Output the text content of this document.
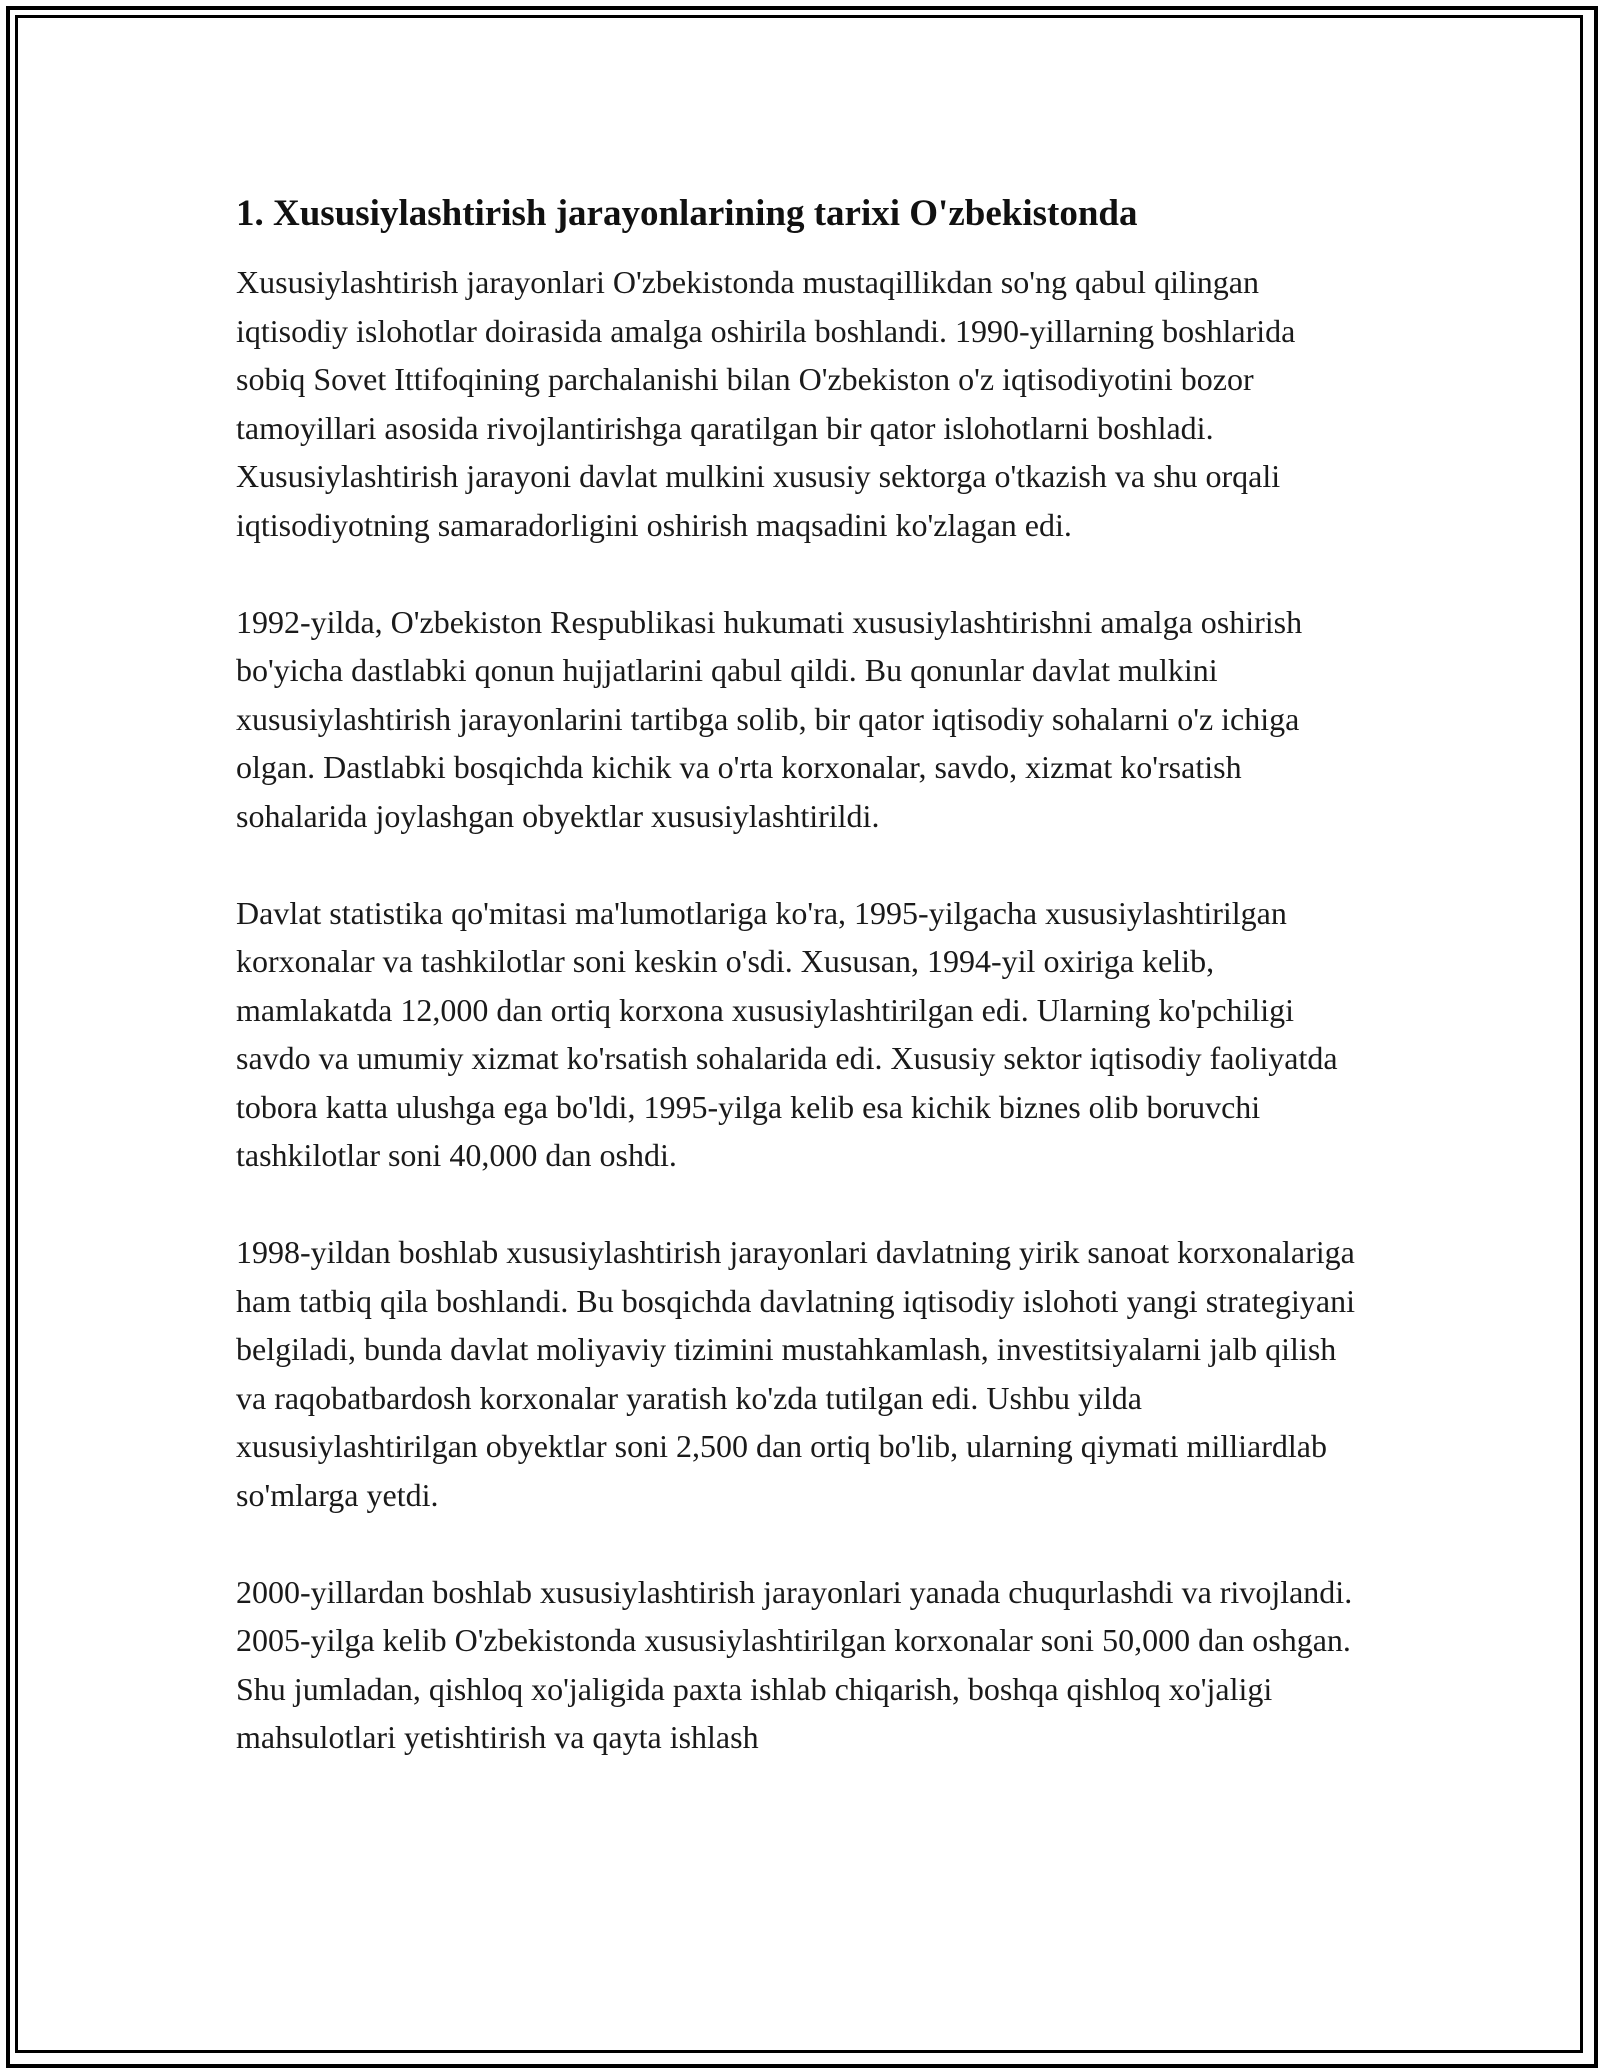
1. Xususiylashtirish jarayonlarining tarixi O'zbekistonda

Xususiylashtirish jarayonlari O'zbekistonda mustaqillikdan so'ng qabul qilingan iqtisodiy islohotlar doirasida amalga oshirila boshlandi. 1990-yillarning boshlarida sobiq Sovet Ittifoqining parchalanishi bilan O'zbekiston o'z iqtisodiyotini bozor tamoyillari asosida rivojlantirishga qaratilgan bir qator islohotlarni boshladi. Xususiylashtirish jarayoni davlat mulkini xususiy sektorga o'tkazish va shu orqali iqtisodiyotning samaradorligini oshirish maqsadini ko'zlagan edi.

1992-yilda, O'zbekiston Respublikasi hukumati xususiylashtirishni amalga oshirish bo'yicha dastlabki qonun hujjatlarini qabul qildi. Bu qonunlar davlat mulkini xususiylashtirish jarayonlarini tartibga solib, bir qator iqtisodiy sohalarni o'z ichiga olgan. Dastlabki bosqichda kichik va o'rta korxonalar, savdo, xizmat ko'rsatish sohalarida joylashgan obyektlar xususiylashtirildi.

Davlat statistika qo'mitasi ma'lumotlariga ko'ra, 1995-yilgacha xususiylashtirilgan korxonalar va tashkilotlar soni keskin o'sdi. Xususan, 1994-yil oxiriga kelib, mamlakatda 12,000 dan ortiq korxona xususiylashtirilgan edi. Ularning ko'pchiligi savdo va umumiy xizmat ko'rsatish sohalarida edi. Xususiy sektor iqtisodiy faoliyatda tobora katta ulushga ega bo'ldi, 1995-yilga kelib esa kichik biznes olib boruvchi tashkilotlar soni 40,000 dan oshdi.

1998-yildan boshlab xususiylashtirish jarayonlari davlatning yirik sanoat korxonalariga ham tatbiq qila boshlandi. Bu bosqichda davlatning iqtisodiy islohoti yangi strategiyani belgiladi, bunda davlat moliyaviy tizimini mustahkamlash, investitsiyalarni jalb qilish va raqobatbardosh korxonalar yaratish ko'zda tutilgan edi. Ushbu yilda xususiylashtirilgan obyektlar soni 2,500 dan ortiq bo'lib, ularning qiymati milliardlab so'mlarga yetdi.

2000-yillardan boshlab xususiylashtirish jarayonlari yanada chuqurlashdi va rivojlandi. 2005-yilga kelib O'zbekistonda xususiylashtirilgan korxonalar soni 50,000 dan oshgan. Shu jumladan, qishloq xo'jaligida paxta ishlab chiqarish, boshqa qishloq xo'jaligi mahsulotlari yetishtirish va qayta ishlash
